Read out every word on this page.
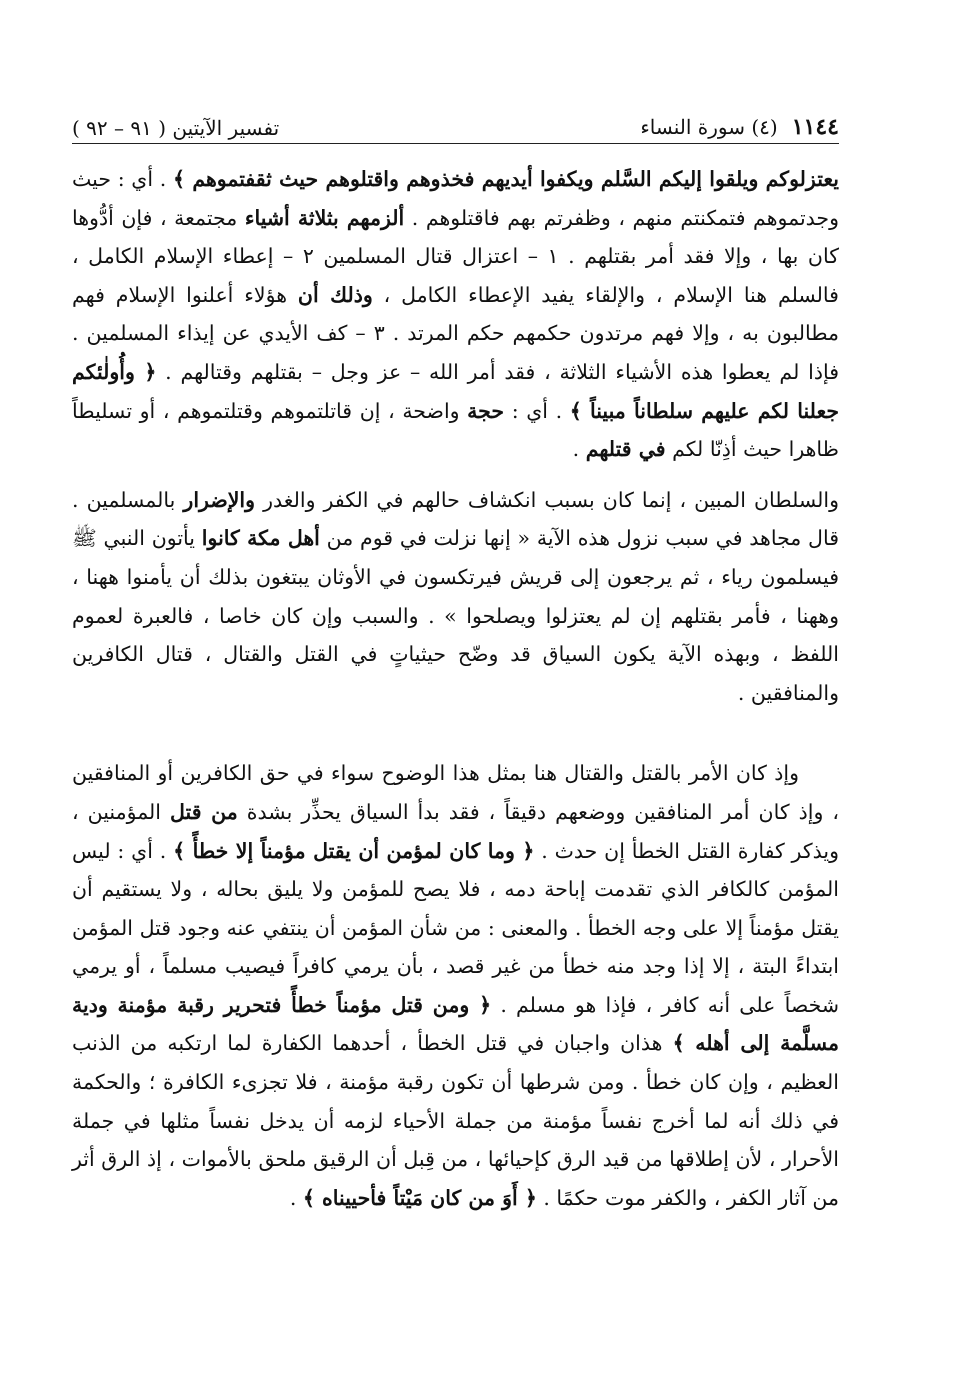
١١٤٤
(٤) سورة النساء
تفسير الآيتين ( ٩١ – ٩٢ )

يعتزلوكم ويلقوا إليكم السَّلم ويكفوا أيديهم فخذوهم واقتلوهم حيث ثقفتموهم ﴾ . أي : حيث وجدتموهم فتمكنتم منهم ، وظفرتم بهم فاقتلوهم . ألزمهم بثلاثة أشياء مجتمعة ، فإن أدُّوها كان بها ، وإلا فقد أمر بقتلهم . ١ – اعتزال قتال المسلمين ٢ – إعطاء الإسلام الكامل ، فالسلم هنا الإسلام ، والإلقاء يفيد الإعطاء الكامل ، وذلك أن هؤلاء أعلنوا الإسلام فهم مطالبون به ، وإلا فهم مرتدون حكمهم حكم المرتد . ٣ – كف الأيدي عن إيذاء المسلمين . فإذا لم يعطوا هذه الأشياء الثلاثة ، فقد أمر الله – عز وجل – بقتلهم وقتالهم . ﴿ وأُولٰئكم جعلنا لكم عليهم سلطاناً مبيناً ﴾ . أي : حجة واضحة ، إن قاتلتموهم وقتلتموهم ، أو تسليطاً ظاهرا حيث أذِنّا لكم في قتلهم .

والسلطان المبين ، إنما كان بسبب انكشاف حالهم في الكفر والغدر والإضرار بالمسلمين . قال مجاهد في سبب نزول هذه الآية « إنها نزلت في قوم من أهل مكة كانوا يأتون النبي ﷺ فيسلمون رياء ، ثم يرجعون إلى قريش فيرتكسون في الأوثان يبتغون بذلك أن يأمنوا ههنا ، وههنا ، فأمر بقتلهم إن لم يعتزلوا ويصلحوا » . والسبب وإن كان خاصا ، فالعبرة لعموم اللفظ ، وبهذه الآية يكون السياق قد وضّح حيثياتٍ في القتل والقتال ، قتال الكافرين والمنافقين .

وإذ كان الأمر بالقتل والقتال هنا بمثل هذا الوضوح سواء في حق الكافرين أو المنافقين ، وإذ كان أمر المنافقين ووضعهم دقيقاً ، فقد بدأ السياق يحذِّر بشدة من قتل المؤمنين ، ويذكر كفارة القتل الخطأ إن حدث . ﴿ وما كان لمؤمن أن يقتل مؤمناً إلا خطأً ﴾ . أي : ليس المؤمن كالكافر الذي تقدمت إباحة دمه ، فلا يصح للمؤمن ولا يليق بحاله ، ولا يستقيم أن يقتل مؤمناً إلا على وجه الخطأ . والمعنى : من شأن المؤمن أن ينتفي عنه وجود قتل المؤمن ابتداءً البتة ، إلا إذا وجد منه خطأ من غير قصد ، بأن يرمي كافراً فيصيب مسلماً ، أو يرمي شخصاً على أنه كافر ، فإذا هو مسلم . ﴿ ومن قتل مؤمناً خطأً فتحرير رقبة مؤمنة ودية مسلَّمة إلى أهله ﴾ هذان واجبان في قتل الخطأ ، أحدهما الكفارة لما ارتكبه من الذنب العظيم ، وإن كان خطأ . ومن شرطها أن تكون رقبة مؤمنة ، فلا تجزىء الكافرة ؛ والحكمة في ذلك أنه لما أخرج نفساً مؤمنة من جملة الأحياء لزمه أن يدخل نفساً مثلها في جملة الأحرار ، لأن إطلاقها من قيد الرق كإحيائها ، من قِبل أن الرقيق ملحق بالأموات ، إذ الرق أثر من آثار الكفر ، والكفر موت حكمًا . ﴿ أَوَ من كان مَيْتاً فأحييناه ﴾ .
